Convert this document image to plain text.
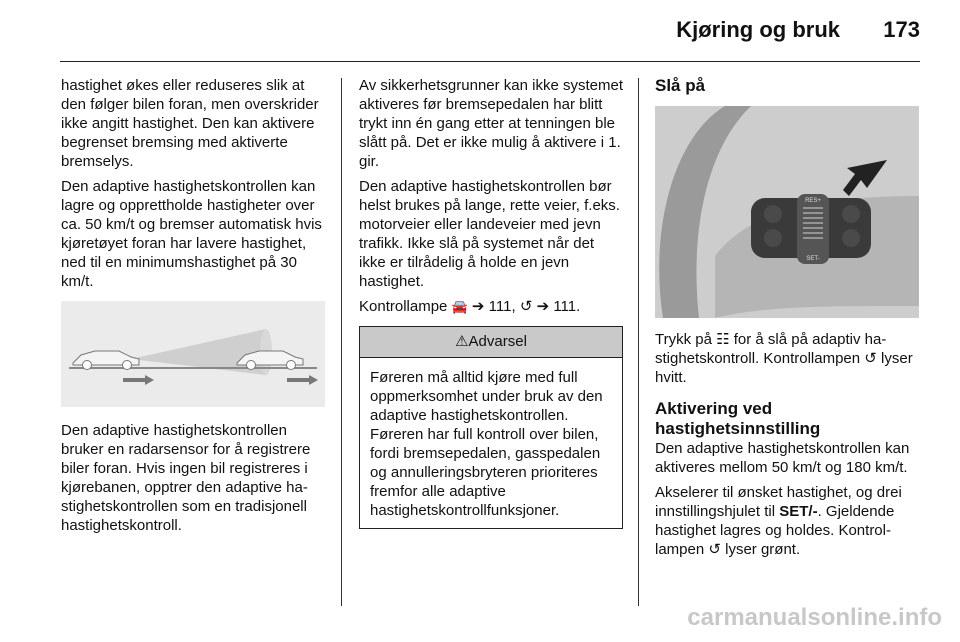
Kjøring og bruk 173

hastighet økes eller reduseres slik at den følger bilen foran, men overskrider ikke angitt hastighet. Den kan aktivere begrenset bremsing med aktiverte bremselys.

Den adaptive hastighetskontrollen kan lagre og opprettholde hastigheter over ca. 50 km/t og bremser automatisk hvis kjøretøyet foran har lavere hastighet, ned til en minimumshastighet på 30 km/t.

Den adaptive hastighetskontrollen bruker en radarsensor for å registrere biler foran. Hvis ingen bil registreres i kjørebanen, opptrer den adaptive hastighetskontrollen som en tradisjonell hastighetskontroll.

Av sikkerhetsgrunner kan ikke systemet aktiveres før bremsepedalen har blitt trykt inn én gang etter at tenningen ble slått på. Det er ikke mulig å aktivere i 1. gir.

Den adaptive hastighetskontrollen bør helst brukes på lange, rette veier, f.eks. motorveier eller landeveier med jevn trafikk. Ikke slå på systemet når det ikke er tilrådelig å holde en jevn hastighet.

Kontrollampe 🚘 ➔ 111, ↺ ➔ 111.

⚠Advarsel
Føreren må alltid kjøre med full oppmerksomhet under bruk av den adaptive hastighetskontrollen. Føreren har full kontroll over bilen, fordi bremsepedalen, gasspedalen og annulleringsbryteren prioriteres fremfor alle adaptive hastighetskontrollfunksjoner.
Slå på
RES+
SET-

Trykk på ☷ for å slå på adaptiv hastighetskontroll. Kontrollampen ↺ lyser hvitt.

Aktivering ved hastighetsinnstilling

Den adaptive hastighetskontrollen kan aktiveres mellom 50 km/t og 180 km/t.

Akselerer til ønsket hastighet, og drei innstillingshjulet til SET/-. Gjeldende hastighet lagres og holdes. Kontrollampen ↺ lyser grønt.

carmanualsonline.info
